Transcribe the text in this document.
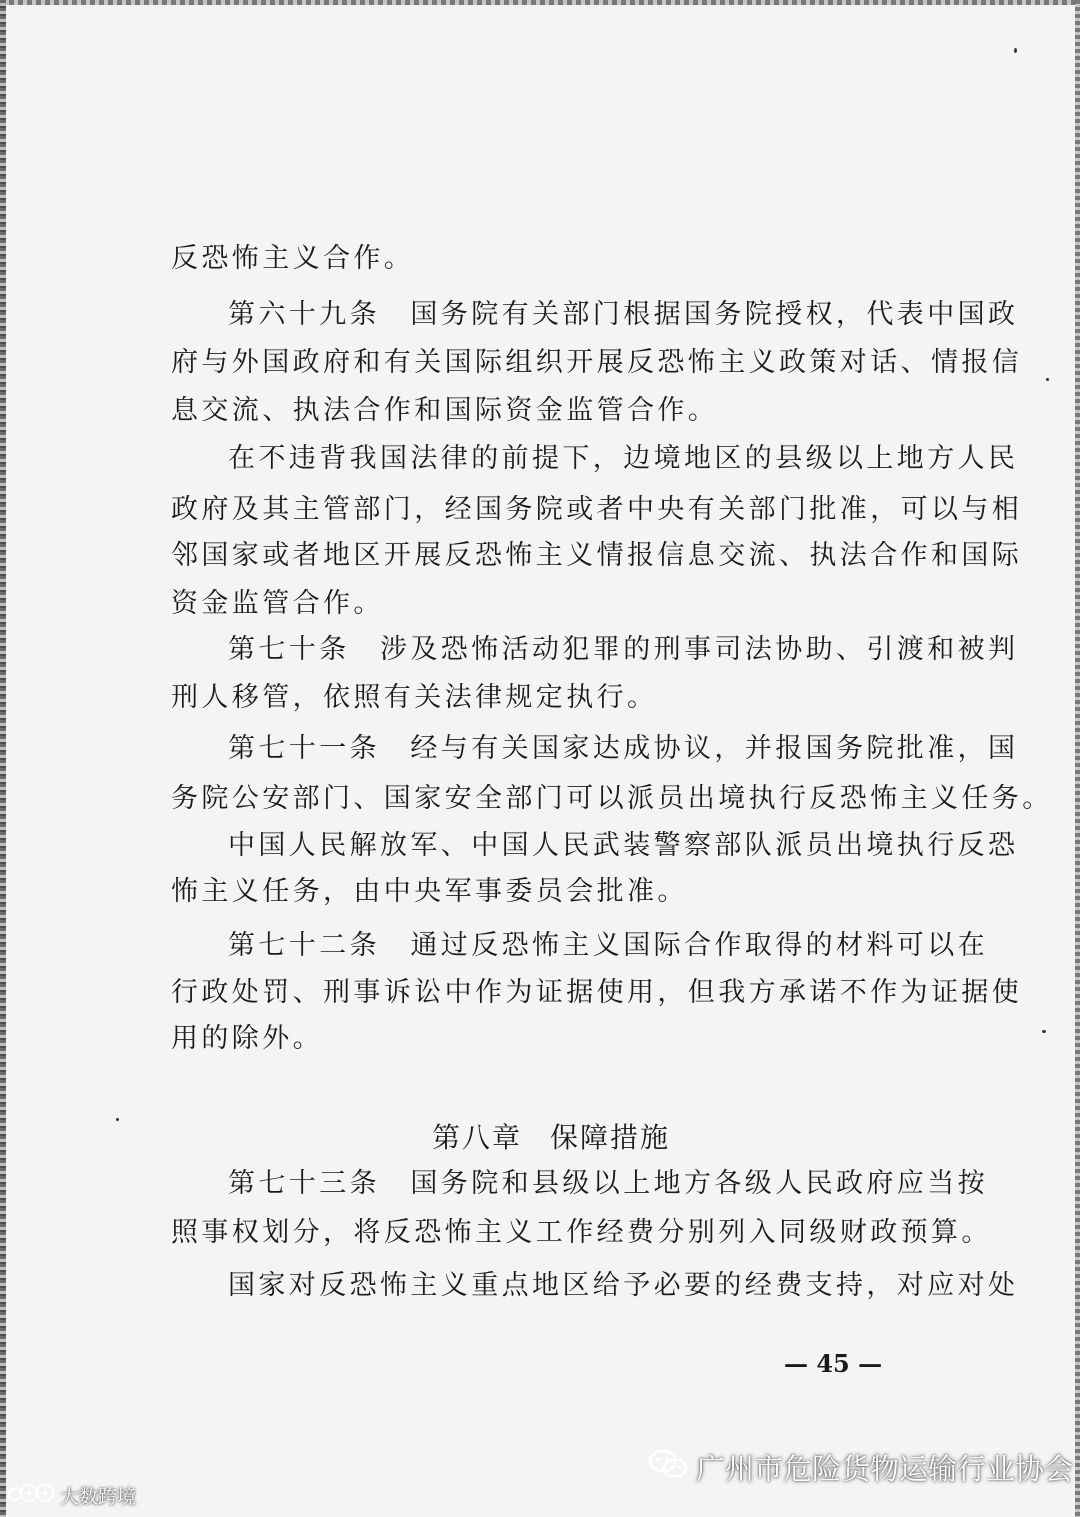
反恐怖主义合作。
第六十九条　国务院有关部门根据国务院授权，代表中国政
府与外国政府和有关国际组织开展反恐怖主义政策对话、情报信
息交流、执法合作和国际资金监管合作。
在不违背我国法律的前提下，边境地区的县级以上地方人民
政府及其主管部门，经国务院或者中央有关部门批准，可以与相
邻国家或者地区开展反恐怖主义情报信息交流、执法合作和国际
资金监管合作。
第七十条　涉及恐怖活动犯罪的刑事司法协助、引渡和被判
刑人移管，依照有关法律规定执行。
第七十一条　经与有关国家达成协议，并报国务院批准，国
务院公安部门、国家安全部门可以派员出境执行反恐怖主义任务。
中国人民解放军、中国人民武装警察部队派员出境执行反恐
怖主义任务，由中央军事委员会批准。
第七十二条　通过反恐怖主义国际合作取得的材料可以在
行政处罚、刑事诉讼中作为证据使用，但我方承诺不作为证据使
用的除外。
第八章 保障措施
第七十三条　国务院和县级以上地方各级人民政府应当按
照事权划分，将反恐怖主义工作经费分别列入同级财政预算。
国家对反恐怖主义重点地区给予必要的经费支持，对应对处
— 45 —
大数跨境
广州市危险货物运输行业协会
